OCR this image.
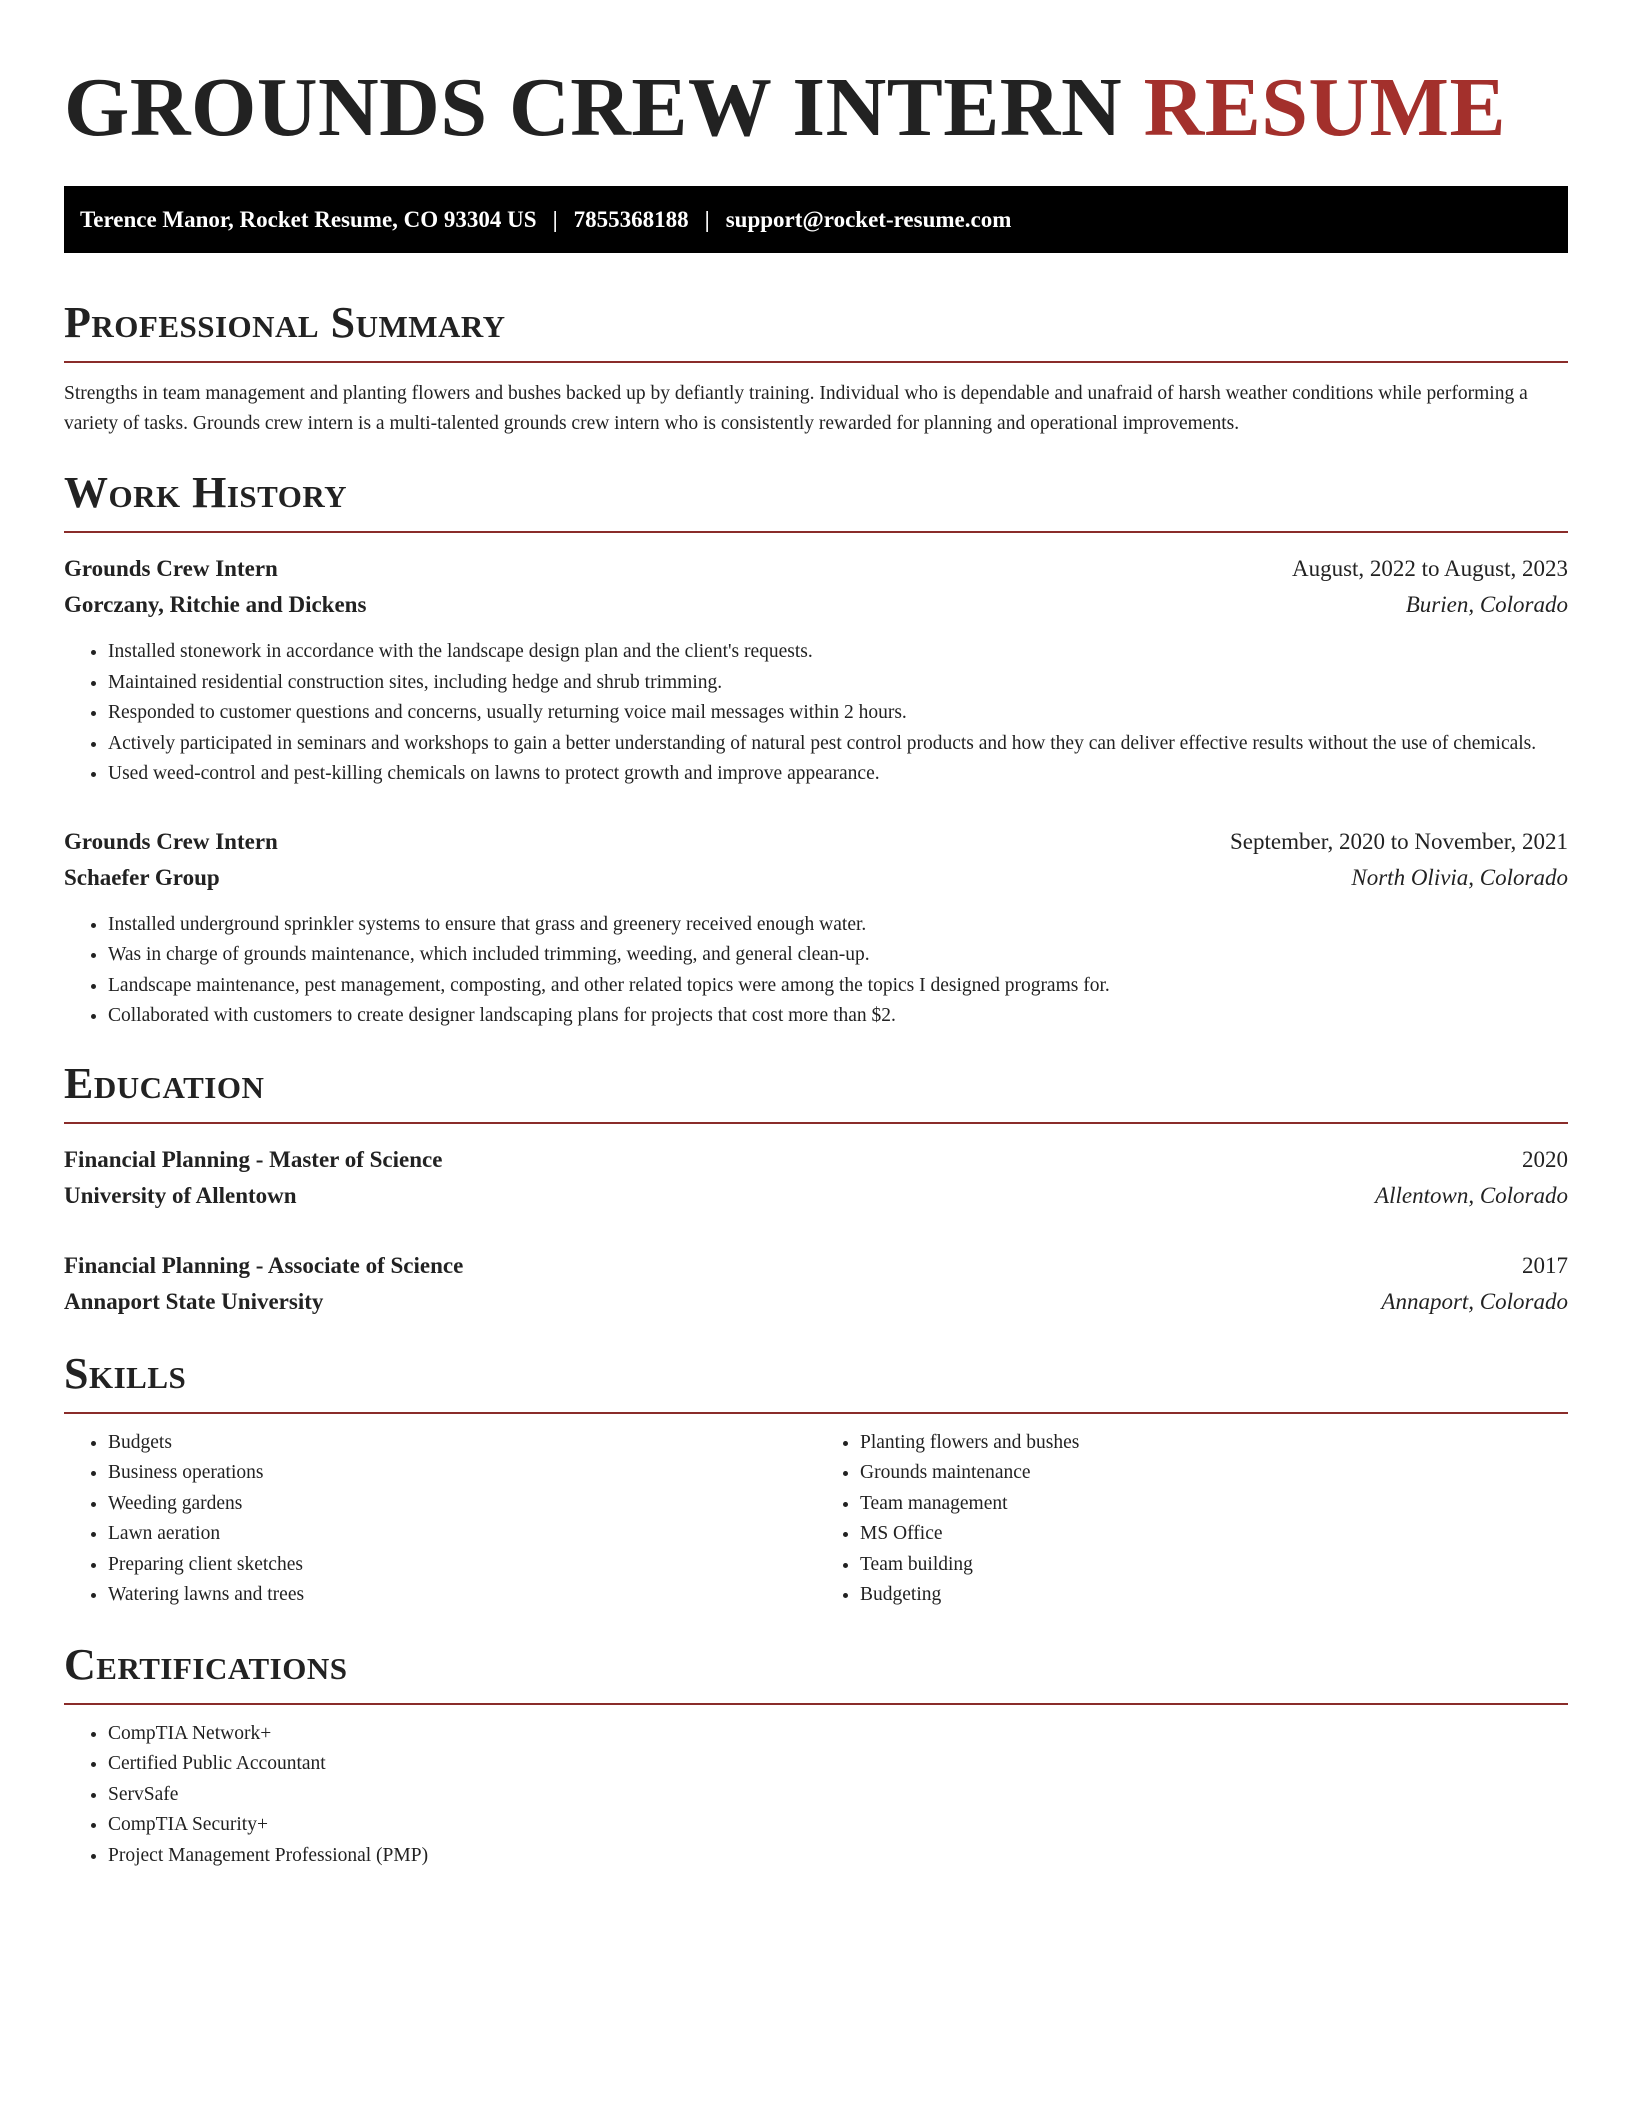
GROUNDS CREW INTERN RESUME
Terence Manor, Rocket Resume, CO 93304 US | 7855368188 | support@rocket-resume.com
Professional Summary

Strengths in team management and planting flowers and bushes backed up by defiantly training. Individual who is dependable and unafraid of harsh weather conditions while performing a variety of tasks. Grounds crew intern is a multi-talented grounds crew intern who is consistently rewarded for planning and operational improvements.

Work History
Grounds Crew Intern	August, 2022 to August, 2023
Gorczany, Ritchie and Dickens	Burien, Colorado
• Installed stonework in accordance with the landscape design plan and the client's requests.
• Maintained residential construction sites, including hedge and shrub trimming.
• Responded to customer questions and concerns, usually returning voice mail messages within 2 hours.
• Actively participated in seminars and workshops to gain a better understanding of natural pest control products and how they can deliver effective results without the use of chemicals.
• Used weed-control and pest-killing chemicals on lawns to protect growth and improve appearance.
Grounds Crew Intern	September, 2020 to November, 2021
Schaefer Group	North Olivia, Colorado
• Installed underground sprinkler systems to ensure that grass and greenery received enough water.
• Was in charge of grounds maintenance, which included trimming, weeding, and general clean-up.
• Landscape maintenance, pest management, composting, and other related topics were among the topics I designed programs for.
• Collaborated with customers to create designer landscaping plans for projects that cost more than $2.
Education
Financial Planning - Master of Science	2020
University of Allentown	Allentown, Colorado
Financial Planning - Associate of Science	2017
Annaport State University	Annaport, Colorado
Skills
• Budgets
• Business operations
• Weeding gardens
• Lawn aeration
• Preparing client sketches
• Watering lawns and trees
• Planting flowers and bushes
• Grounds maintenance
• Team management
• MS Office
• Team building
• Budgeting
Certifications
• CompTIA Network+
• Certified Public Accountant
• ServSafe
• CompTIA Security+
• Project Management Professional (PMP)
